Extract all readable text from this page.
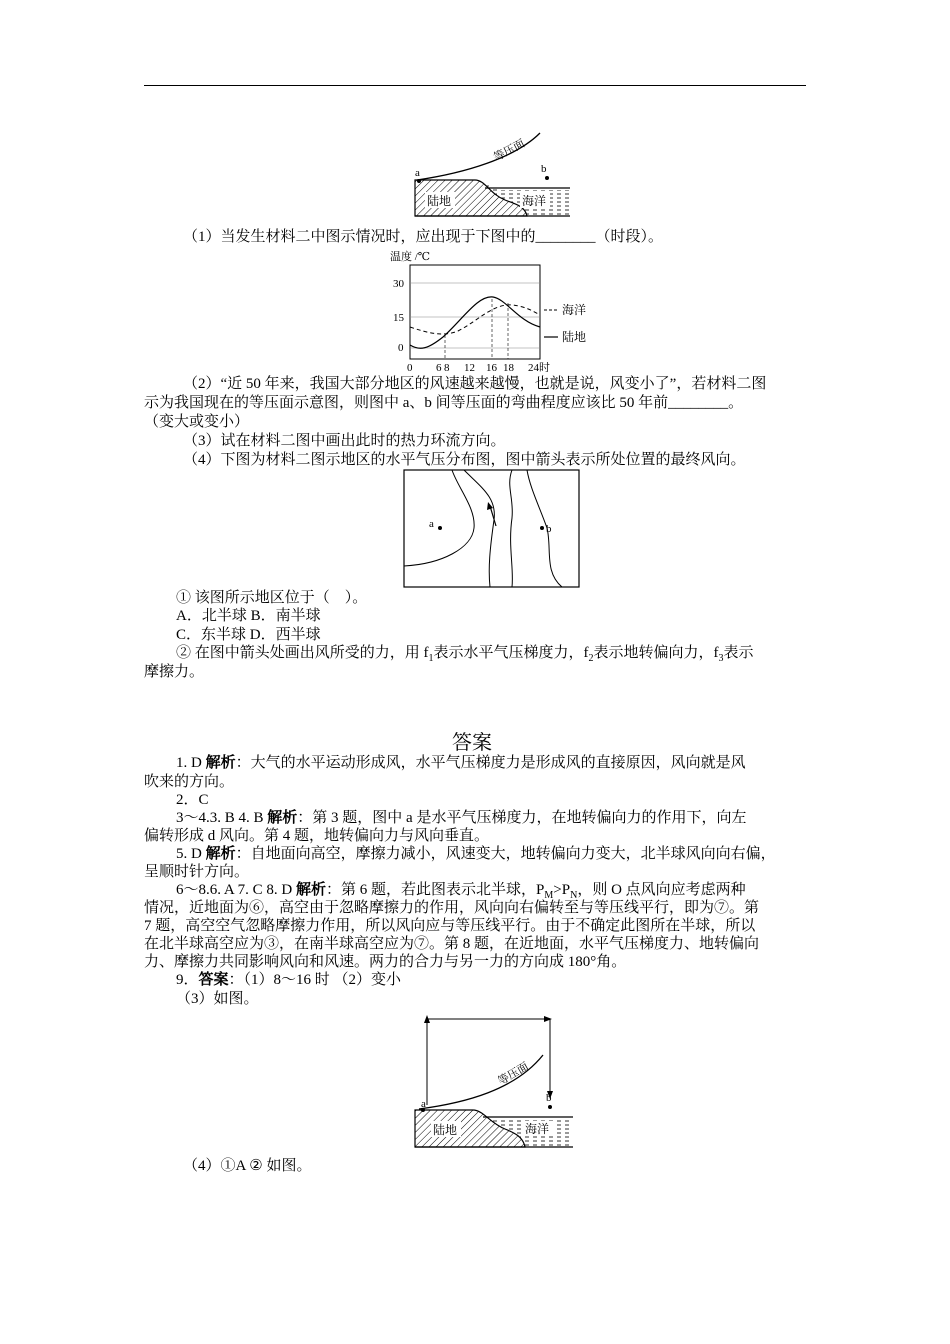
等压面
a	b
陆地	海洋
（1）当发生材料二中图示情况时，应出现于下图中的________（时段）。
温度 /℃
30
15
0
0 6 8 12 16 18 24时
海洋
陆地
（2）“近 50 年来，我国大部分地区的风速越来越慢，也就是说，风变小了”，若材料二图
示为我国现在的等压面示意图，则图中 a、b 间等压面的弯曲程度应该比 50 年前________。
（变大或变小）
（3）试在材料二图中画出此时的热力环流方向。
（4）下图为材料二图示地区的水平气压分布图，图中箭头表示所处位置的最终风向。
a	b
① 该图所示地区位于（　）。
A．北半球 B．南半球
C．东半球 D．西半球
② 在图中箭头处画出风所受的力，用 $f_1$表示水平气压梯度力，$f_2$表示地转偏向力，$f_3$表示
摩擦力。
答案
1. D 解析：大气的水平运动形成风，水平气压梯度力是形成风的直接原因，风向就是风
吹来的方向。
2．C
3～4.3. B 4. B 解析：第 3 题，图中 a 是水平气压梯度力，在地转偏向力的作用下，向左
偏转形成 d 风向。第 4 题，地转偏向力与风向垂直。
5. D 解析：自地面向高空，摩擦力减小，风速变大，地转偏向力变大，北半球风向向右偏，
呈顺时针方向。
6～8.6. A 7. C 8. D 解析：第 6 题，若此图表示北半球，$P_M>P_N$，则 O 点风向应考虑两种
情况，近地面为⑥，高空由于忽略摩擦力的作用，风向向右偏转至与等压线平行，即为⑦。第
7 题，高空空气忽略摩擦力作用，所以风向应与等压线平行。由于不确定此图所在半球，所以
在北半球高空应为③，在南半球高空应为⑦。第 8 题，在近地面，水平气压梯度力、地转偏向
力、摩擦力共同影响风向和风速。两力的合力与另一力的方向成 180°角。
9．答案：（1）8～16 时 （2）变小
（3）如图。
等压面
a	b
陆地	海洋
（4）①A ② 如图。
